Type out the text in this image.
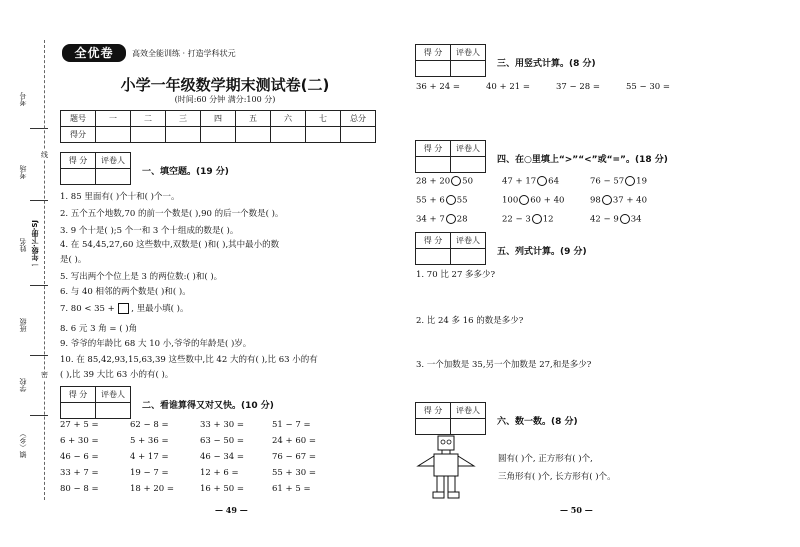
考号
考场
姓名 一年级·下册·SJ
班级
学校
镇（乡）
线
密
全优卷	高效全能训练 · 打造学科状元
小学一年级数学期末测试卷(二)
(时间:60 分钟 满分:100 分)
题号	一	二	三	四	五	六	七	总分
得分								
得 分	评卷人

一、填空题。(19 分)
1. 85 里面有( )个十和( )个一。
2. 五个五个地数,70 的前一个数是( ),90 的后一个数是( )。
3. 9 个十是( );5 个一和 3 个十组成的数是( )。
4. 在 54,45,27,60 这些数中,双数是( )和( ),其中最小的数
是( )。
5. 写出两个个位上是 3 的两位数:( )和( )。
6. 与 40 相邻的两个数是( )和( )。
7. 80 < 35 + , 里最小填( )。
8. 6 元 3 角 = ( )角
9. 爷爷的年龄比 68 大 10 小,爷爷的年龄是( )岁。
10. 在 85,42,93,15,63,39 这些数中,比 42 大的有( ),比 63 小的有
( ),比 39 大比 63 小的有( )。
得 分	评卷人

二、看谁算得又对又快。(10 分)
27 + 5 =	62 − 8 =	33 + 30 =	51 − 7 =
6 + 30 =	5 + 36 =	63 − 50 =	24 + 60 =
46 − 6 =	4 + 17 =	46 − 34 =	76 − 67 =
33 + 7 =	19 − 7 =	12 + 6 =	55 + 30 =
80 − 8 =	18 + 20 =	16 + 50 =	61 + 5 =
— 49 —
得 分	评卷人

三、用竖式计算。(8 分)
36 + 24 =	40 + 21 =	37 − 28 =	55 − 30 =
得 分	评卷人

四、在○里填上“>”“<”或“=”。(18 分)
28 + 20 50	47 + 17 64	76 − 57 19
55 + 6 55	100 60 + 40	98 37 + 40
34 + 7 28	22 − 3 12	42 − 9 34
得 分	评卷人

五、列式计算。(9 分)
1. 70 比 27 多多少?
2. 比 24 多 16 的数是多少?
3. 一个加数是 35,另一个加数是 27,和是多少?
得 分	评卷人

六、数一数。(8 分)
圆有( )个, 正方形有( )个,
三角形有( )个, 长方形有( )个。
— 50 —
